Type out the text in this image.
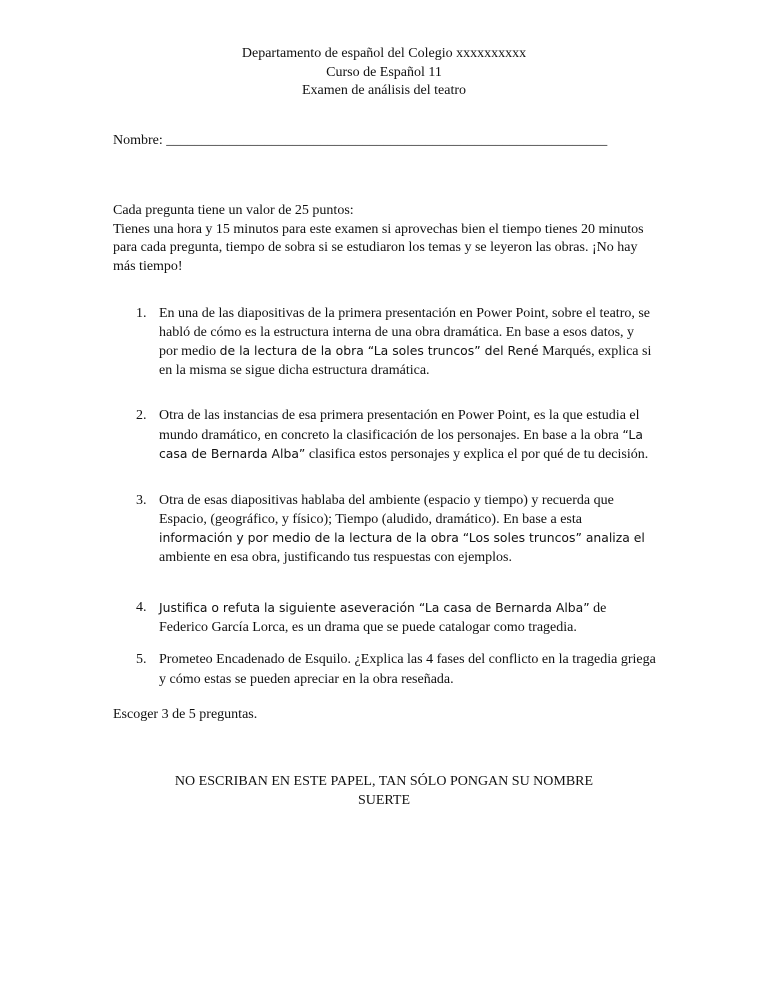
Departamento de español del Colegio xxxxxxxxxx
Curso de Español 11
Examen de análisis del teatro
Nombre: _______________________________________________________________
Cada pregunta tiene un valor de 25 puntos:
Tienes una hora y 15 minutos para este examen si aprovechas bien el tiempo tienes 20 minutos para cada pregunta, tiempo de sobra si se estudiaron los temas y se leyeron las obras. ¡No hay más tiempo!
1. En una de las diapositivas de la primera presentación en Power Point, sobre el teatro, se habló de cómo es la estructura interna de una obra dramática. En base a esos datos, y por medio de la lectura de la obra “La soles truncos” del René Marqués, explica si en la misma se sigue dicha estructura dramática.
2. Otra de las instancias de esa primera presentación en Power Point, es la que estudia el mundo dramático, en concreto la clasificación de los personajes. En base a la obra “La casa de Bernarda Alba” clasifica estos personajes y explica el por qué de tu decisión.
3. Otra de esas diapositivas hablaba del ambiente (espacio y tiempo) y recuerda que Espacio, (geográfico, y físico); Tiempo (aludido, dramático). En base a esta información y por medio de la lectura de la obra “Los soles truncos” analiza el ambiente en esa obra, justificando tus respuestas con ejemplos.
4. Justifica o refuta la siguiente aseveración “La casa de Bernarda Alba” de Federico García Lorca, es un drama que se puede catalogar como tragedia.
5. Prometeo Encadenado de Esquilo. ¿Explica las 4 fases del conflicto en la tragedia griega y cómo estas se pueden apreciar en la obra reseñada.
Escoger 3 de 5 preguntas.
NO ESCRIBAN EN ESTE PAPEL, TAN SÓLO PONGAN SU NOMBRE
SUERTE
